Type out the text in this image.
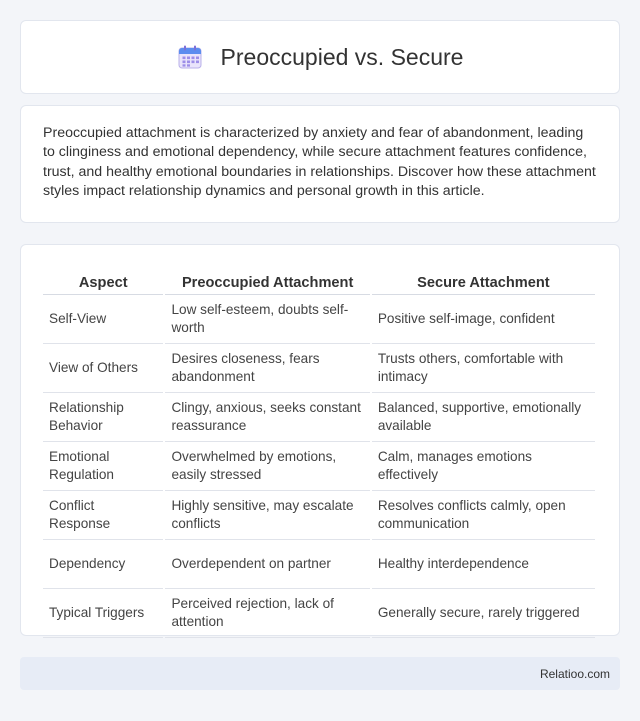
Preoccupied vs. Secure

Preoccupied attachment is characterized by anxiety and fear of abandonment, leading to clinginess and emotional dependency, while secure attachment features confidence, trust, and healthy emotional boundaries in relationships. Discover how these attachment styles impact relationship dynamics and personal growth in this article.

Aspect	Preoccupied Attachment	Secure Attachment
Self-View	Low self-esteem, doubts self-worth	Positive self-image, confident
View of Others	Desires closeness, fears abandonment	Trusts others, comfortable with intimacy
Relationship Behavior	Clingy, anxious, seeks constant reassurance	Balanced, supportive, emotionally available
Emotional Regulation	Overwhelmed by emotions, easily stressed	Calm, manages emotions effectively
Conflict Response	Highly sensitive, may escalate conflicts	Resolves conflicts calmly, open communication
Dependency	Overdependent on partner	Healthy interdependence
Typical Triggers	Perceived rejection, lack of attention	Generally secure, rarely triggered
Relatioo.com
